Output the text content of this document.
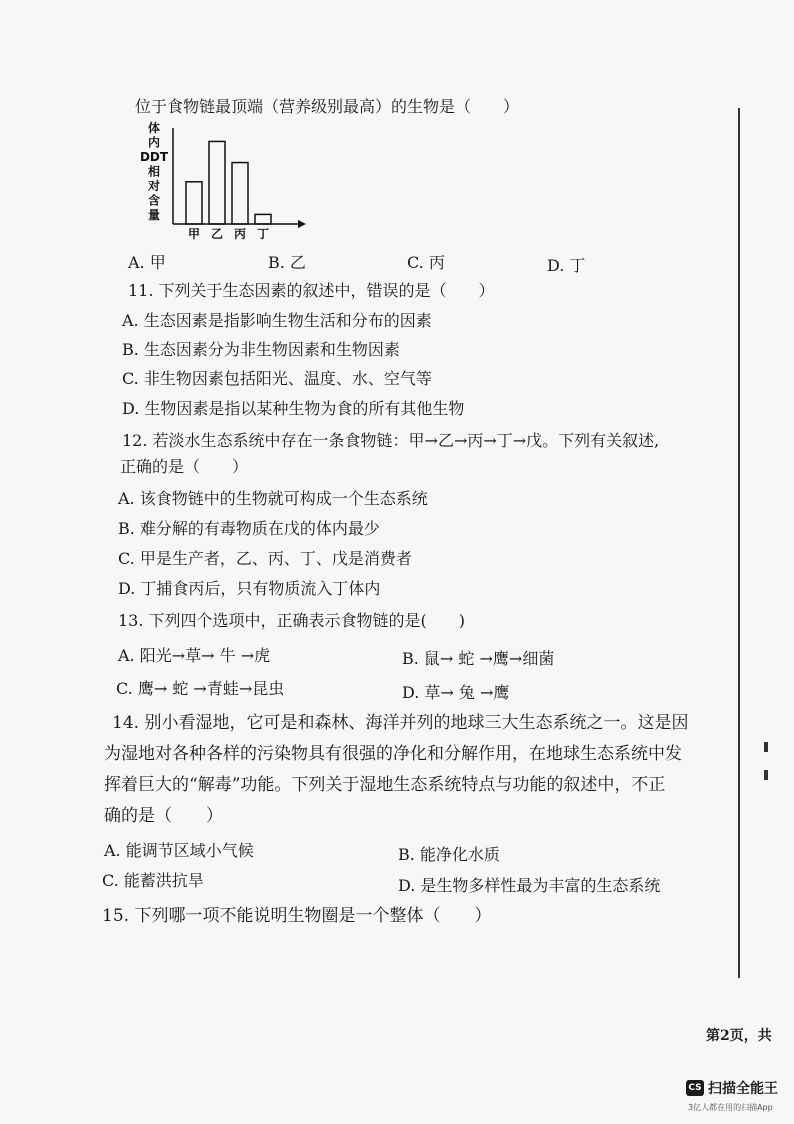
位于食物链最顶端（营养级别最高）的生物是（　　）
体
内
DDT
相
对
含
量
甲 乙 丙 丁
A. 甲	B. 乙	C. 丙	D. 丁
11. 下列关于生态因素的叙述中，错误的是（　　）
A. 生态因素是指影响生物生活和分布的因素
B. 生态因素分为非生物因素和生物因素
C. 非生物因素包括阳光、温度、水、空气等
D. 生物因素是指以某种生物为食的所有其他生物
12. 若淡水生态系统中存在一条食物链：甲→乙→丙→丁→戊。下列有关叙述,
正确的是（　　）
A. 该食物链中的生物就可构成一个生态系统
B. 难分解的有毒物质在戊的体内最少
C. 甲是生产者，乙、丙、丁、戊是消费者
D. 丁捕食丙后，只有物质流入丁体内
13. 下列四个选项中，正确表示食物链的是(　　)
A. 阳光→草→ 牛 →虎	B. 鼠→ 蛇 →鹰→细菌
C. 鹰→ 蛇 →青蛙→昆虫	D. 草→ 兔 →鹰
14. 别小看湿地，它可是和森林、海洋并列的地球三大生态系统之一。这是因
为湿地对各种各样的污染物具有很强的净化和分解作用，在地球生态系统中发
挥着巨大的“解毒”功能。下列关于湿地生态系统特点与功能的叙述中，不正
确的是（　　）
A. 能调节区域小气候	B. 能净化水质
C. 能蓄洪抗旱	D. 是生物多样性最为丰富的生态系统
15. 下列哪一项不能说明生物圈是一个整体（　　）
第2页，共
CS 扫描全能王
3亿人都在用的扫描App
